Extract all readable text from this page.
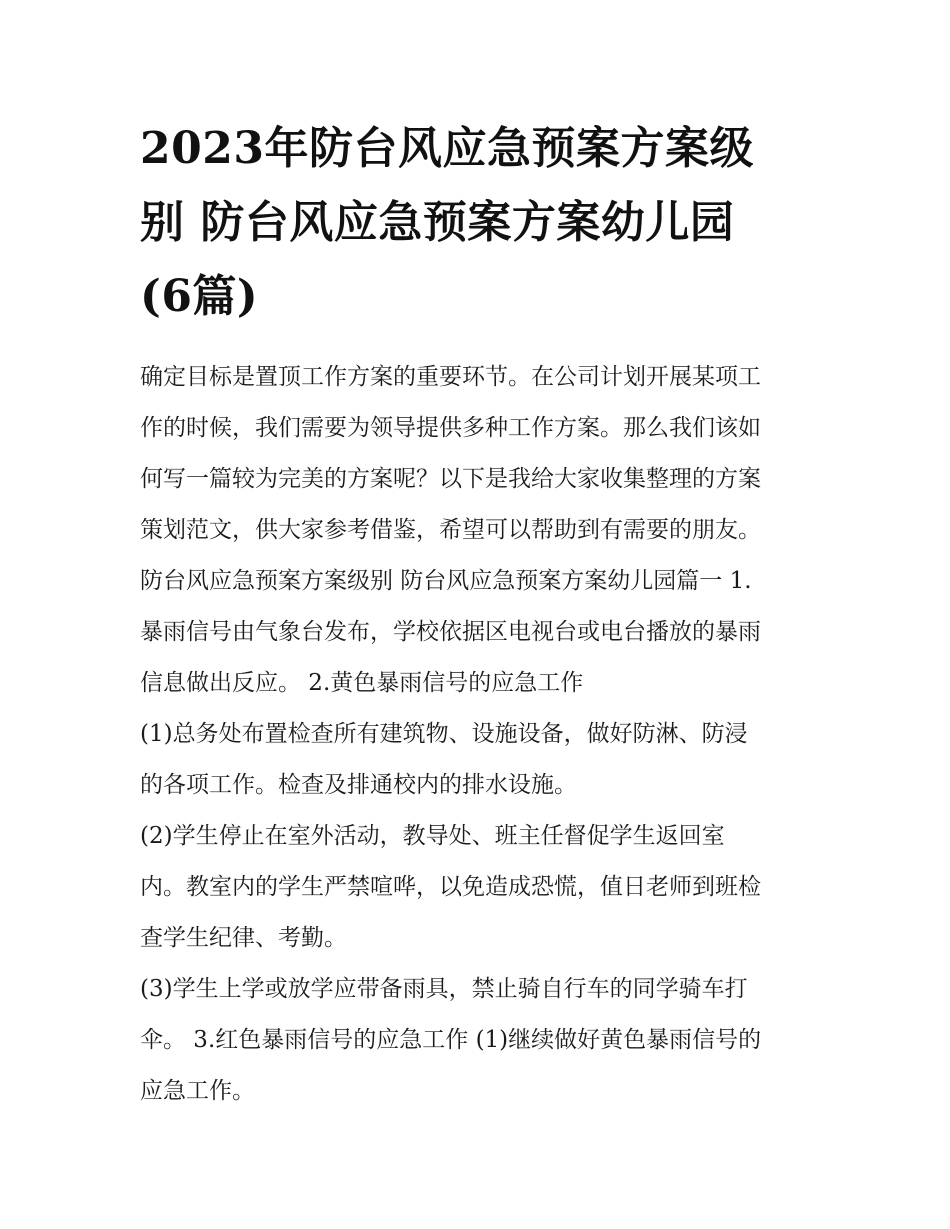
2023年防台风应急预案方案级
别 防台风应急预案方案幼儿园
(6篇)
确定目标是置顶工作方案的重要环节。在公司计划开展某项工
作的时候，我们需要为领导提供多种工作方案。那么我们该如
何写一篇较为完美的方案呢？以下是我给大家收集整理的方案
策划范文，供大家参考借鉴，希望可以帮助到有需要的朋友。
防台风应急预案方案级别 防台风应急预案方案幼儿园篇一 1.
暴雨信号由气象台发布，学校依据区电视台或电台播放的暴雨
信息做出反应。 2.黄色暴雨信号的应急工作
(1)总务处布置检查所有建筑物、设施设备，做好防淋、防浸
的各项工作。检查及排通校内的排水设施。
(2)学生停止在室外活动，教导处、班主任督促学生返回室
内。教室内的学生严禁喧哗，以免造成恐慌，值日老师到班检
查学生纪律、考勤。
(3)学生上学或放学应带备雨具，禁止骑自行车的同学骑车打
伞。 3.红色暴雨信号的应急工作 (1)继续做好黄色暴雨信号的
应急工作。
